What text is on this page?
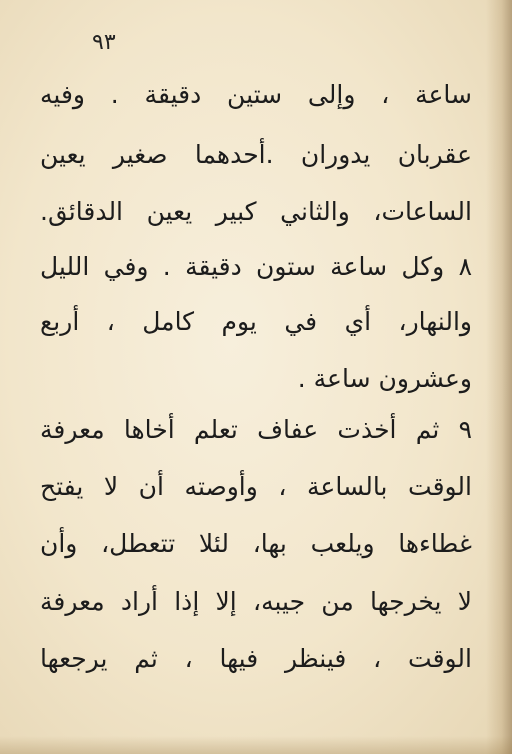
٩٣
ساعة ، وإلى ستين دقيقة . وفيه
عقربان يدوران .أحدهما صغير يعين
الساعات، والثاني كبير يعين الدقائق.
٨ وكل ساعة ستون دقيقة . وفي الليل
والنهار، أي في يوم كامل ، أربع
وعشرون ساعة .
٩ ثم أخذت عفاف تعلم أخاها معرفة
الوقت بالساعة ، وأوصته أن لا يفتح
غطاءها ويلعب بها، لئلا تتعطل، وأن
لا يخرجها من جيبه، إلا إذا أراد معرفة
الوقت ، فينظر فيها ، ثم يرجعها
